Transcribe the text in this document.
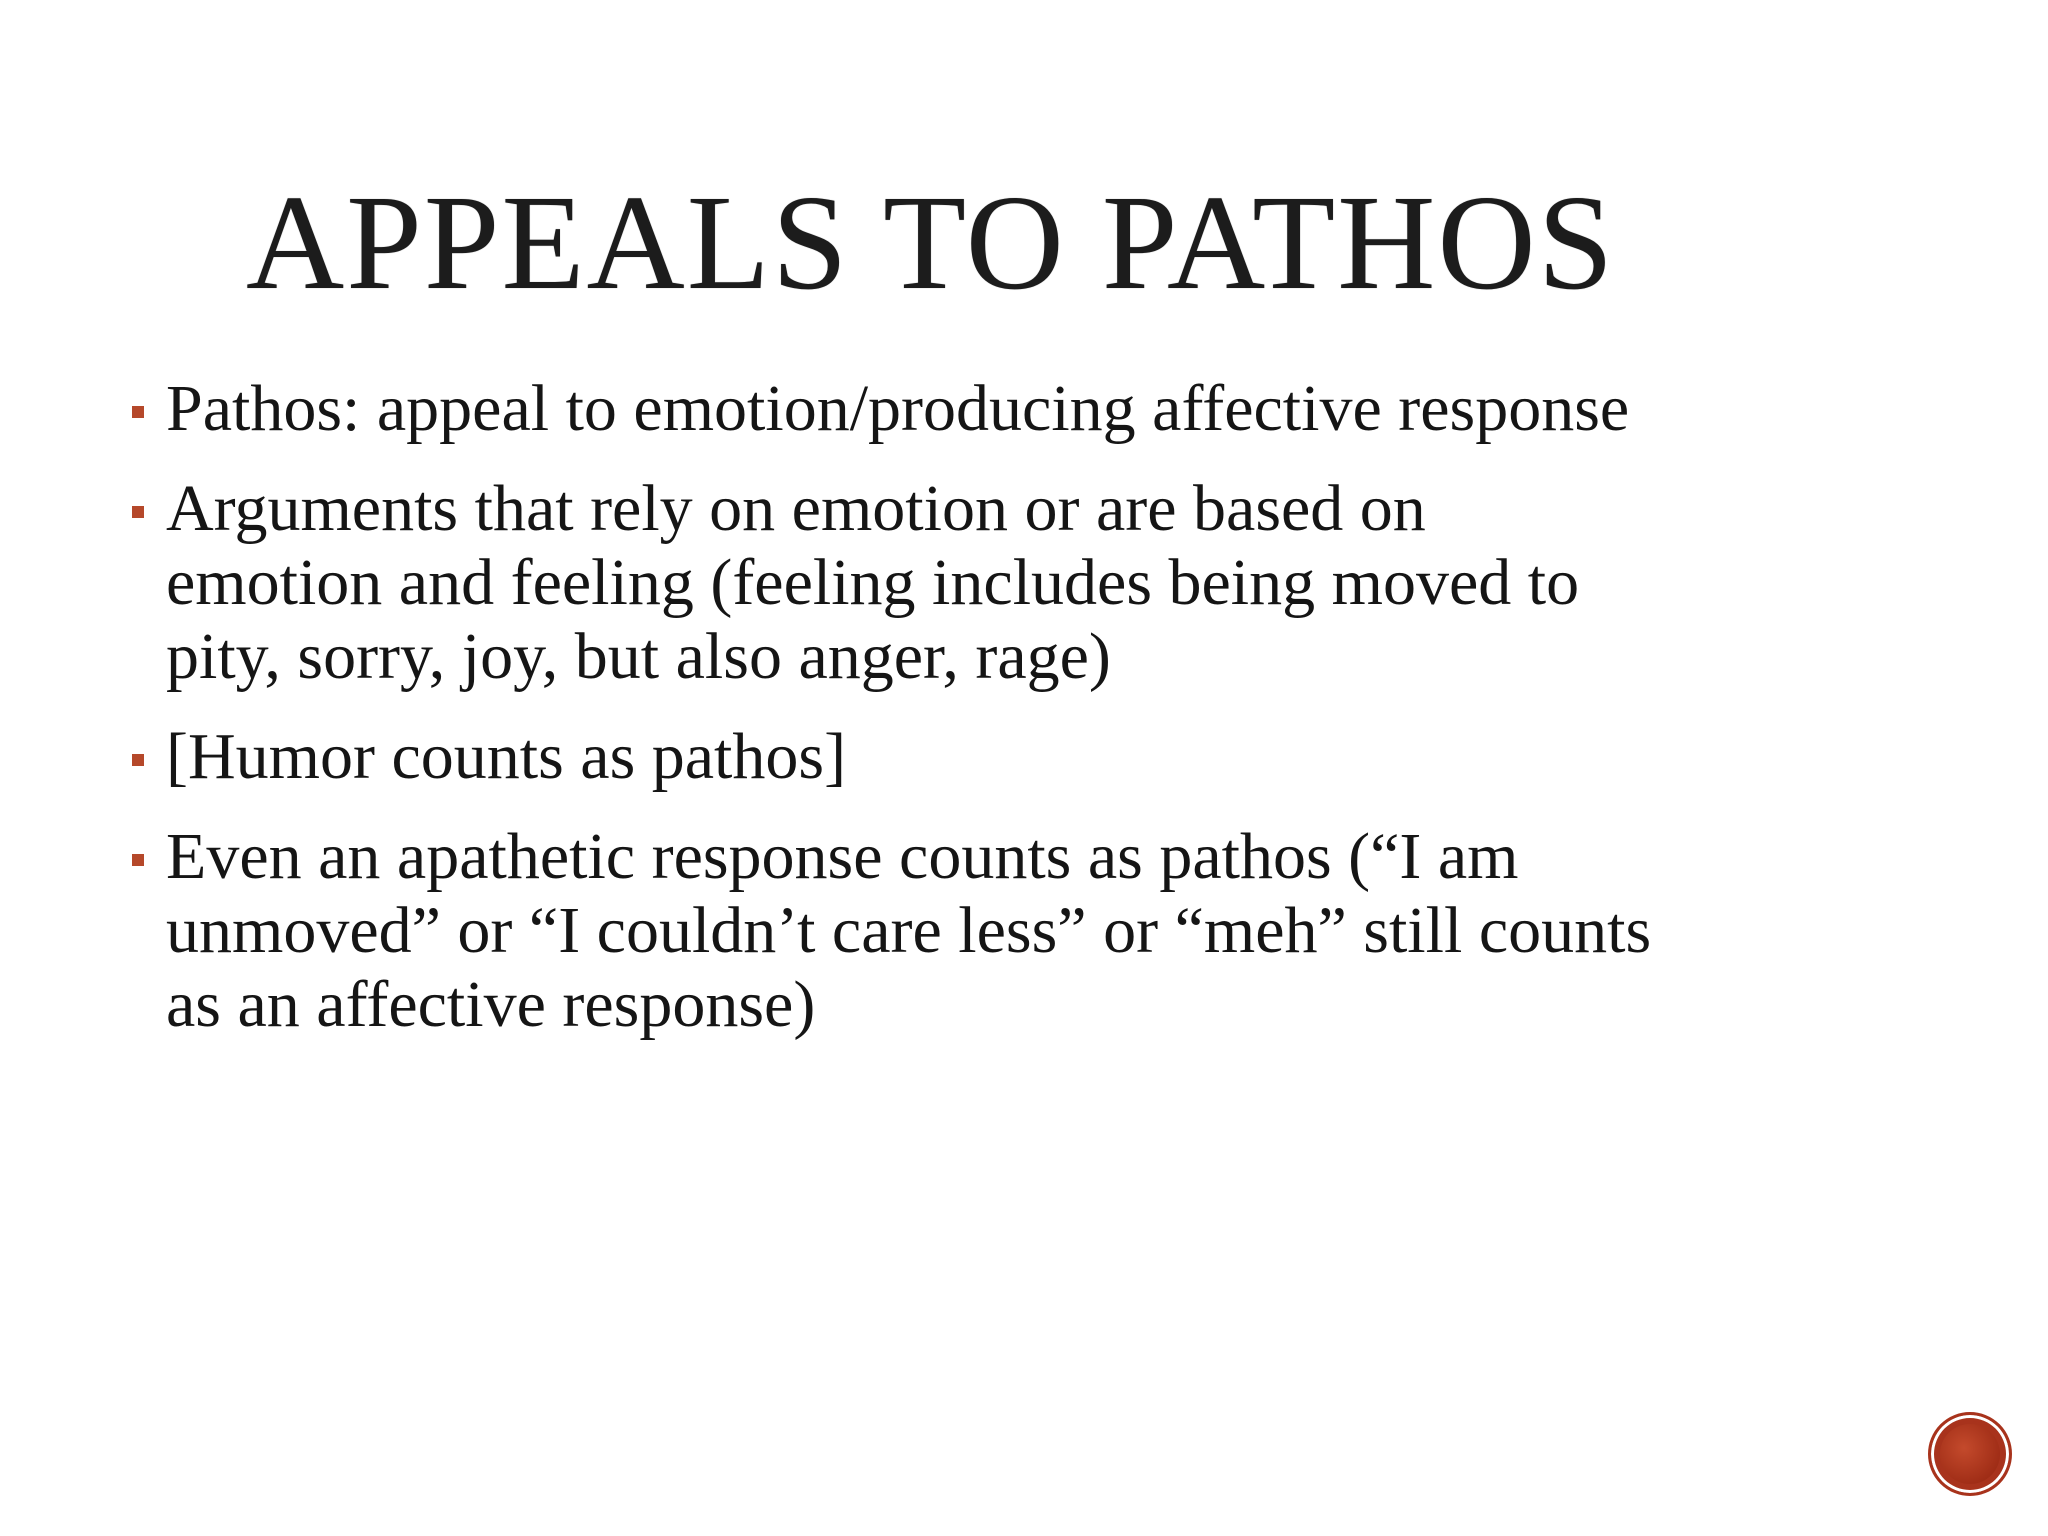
APPEALS TO PATHOS
Pathos: appeal to emotion/producing affective response
Arguments that rely on emotion or are based on emotion and feeling (feeling includes being moved to pity, sorry, joy, but also anger, rage)
[Humor counts as pathos]
Even an apathetic response counts as pathos (“I am unmoved” or “I couldn’t care less” or “meh” still counts as an affective response)
